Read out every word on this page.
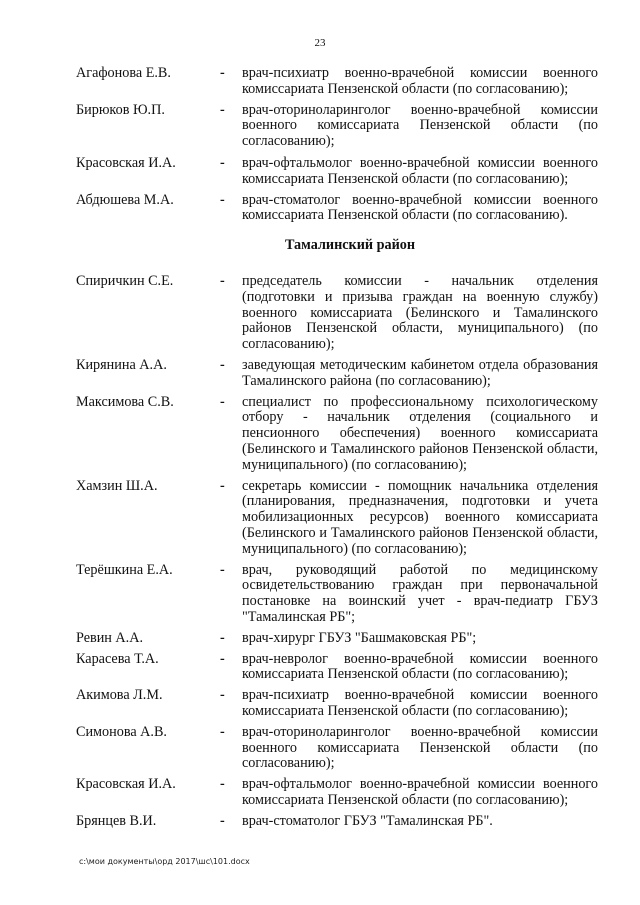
23
Агафонова Е.В.	- врач-психиатр военно-врачебной комиссии военного комиссариата Пензенской области (по согласованию);
Бирюков Ю.П.	- врач-оториноларинголог военно-врачебной комиссии военного комиссариата Пензенской области (по согласованию);
Красовская И.А.	- врач-офтальмолог военно-врачебной комиссии военного комиссариата Пензенской области (по согласованию);
Абдюшева М.А.	- врач-стоматолог военно-врачебной комиссии военного комиссариата Пензенской области (по согласованию).
Тамалинский район
Спиричкин С.Е.	- председатель комиссии - начальник отделения (подготовки и призыва граждан на военную службу) военного комиссариата (Белинского и Тамалинского районов Пензенской области, муниципального) (по согласованию);
Кирянина А.А.	- заведующая методическим кабинетом отдела образования Тамалинского района (по согласованию);
Максимова С.В.	- специалист по профессиональному психологическому отбору - начальник отделения (социального и пенсионного обеспечения) военного комиссариата (Белинского и Тамалинского районов Пензенской области, муниципального) (по согласованию);
Хамзин Ш.А.	- секретарь комиссии - помощник начальника отделения (планирования, предназначения, подготовки и учета мобилизационных ресурсов) военного комиссариата (Белинского и Тамалинского районов Пензенской области, муниципального) (по согласованию);
Терёшкина Е.А.	- врач, руководящий работой по медицинскому освидетельствованию граждан при первоначальной постановке на воинский учет - врач-педиатр ГБУЗ "Тамалинская РБ";
Ревин А.А.	- врач-хирург ГБУЗ "Башмаковская РБ";
Карасева Т.А.	- врач-невролог военно-врачебной комиссии военного комиссариата Пензенской области (по согласованию);
Акимова Л.М.	- врач-психиатр военно-врачебной комиссии военного комиссариата Пензенской области (по согласованию);
Симонова А.В.	- врач-оториноларинголог военно-врачебной комиссии военного комиссариата Пензенской области (по согласованию);
Красовская И.А.	- врач-офтальмолог военно-врачебной комиссии военного комиссариата Пензенской области (по согласованию);
Брянцев В.И.	- врач-стоматолог ГБУЗ "Тамалинская РБ".
c:\мои документы\орд 2017\шс\101.docx
